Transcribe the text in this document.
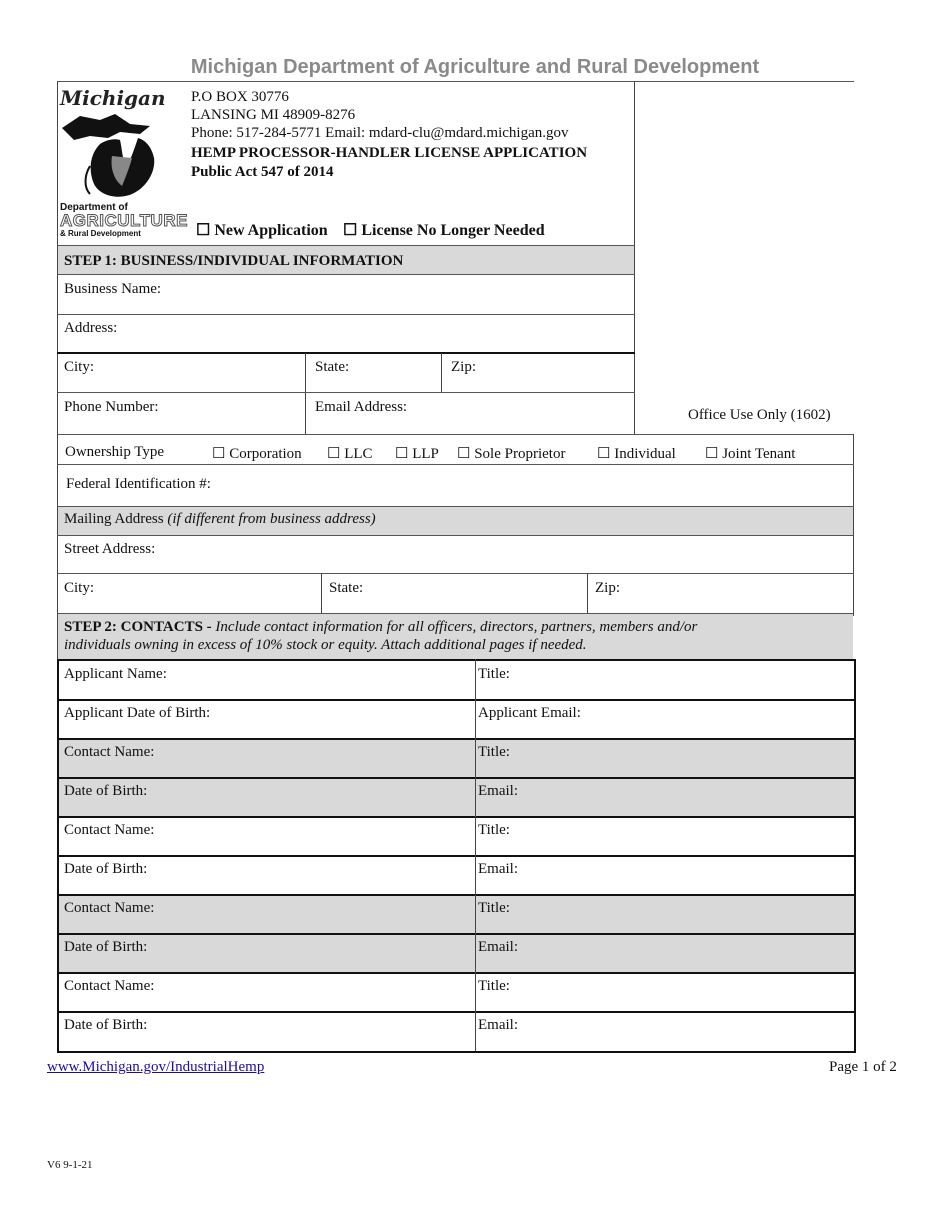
Michigan Department of Agriculture and Rural Development
Michigan
Department of
AGRICULTURE
& Rural Development
P.O BOX 30776
LANSING MI 48909-8276
Phone: 517-284-5771 Email: mdard-clu@mdard.michigan.gov
HEMP PROCESSOR-HANDLER LICENSE APPLICATION
Public Act 547 of 2014
☐ New Application ☐ License No Longer Needed
STEP 1: BUSINESS/INDIVIDUAL INFORMATION
Business Name:
Address:
City:	State:	Zip:
Phone Number:	Email Address:	Office Use Only (1602)
Ownership Type	☐ Corporation ☐ LLC ☐ LLP ☐ Sole Proprietor ☐ Individual ☐ Joint Tenant
Federal Identification #:
Mailing Address (if different from business address)
Street Address:
City:	State:	Zip:
STEP 2: CONTACTS - Include contact information for all officers, directors, partners, members and/or
individuals owning in excess of 10% stock or equity. Attach additional pages if needed.
Applicant Name:	Title:
Applicant Date of Birth:	Applicant Email:
Contact Name:	Title:
Date of Birth:	Email:
Contact Name:	Title:
Date of Birth:	Email:
Contact Name:	Title:
Date of Birth:	Email:
Contact Name:	Title:
Date of Birth:	Email:
www.Michigan.gov/IndustrialHemp	Page 1 of 2
V6 9-1-21
